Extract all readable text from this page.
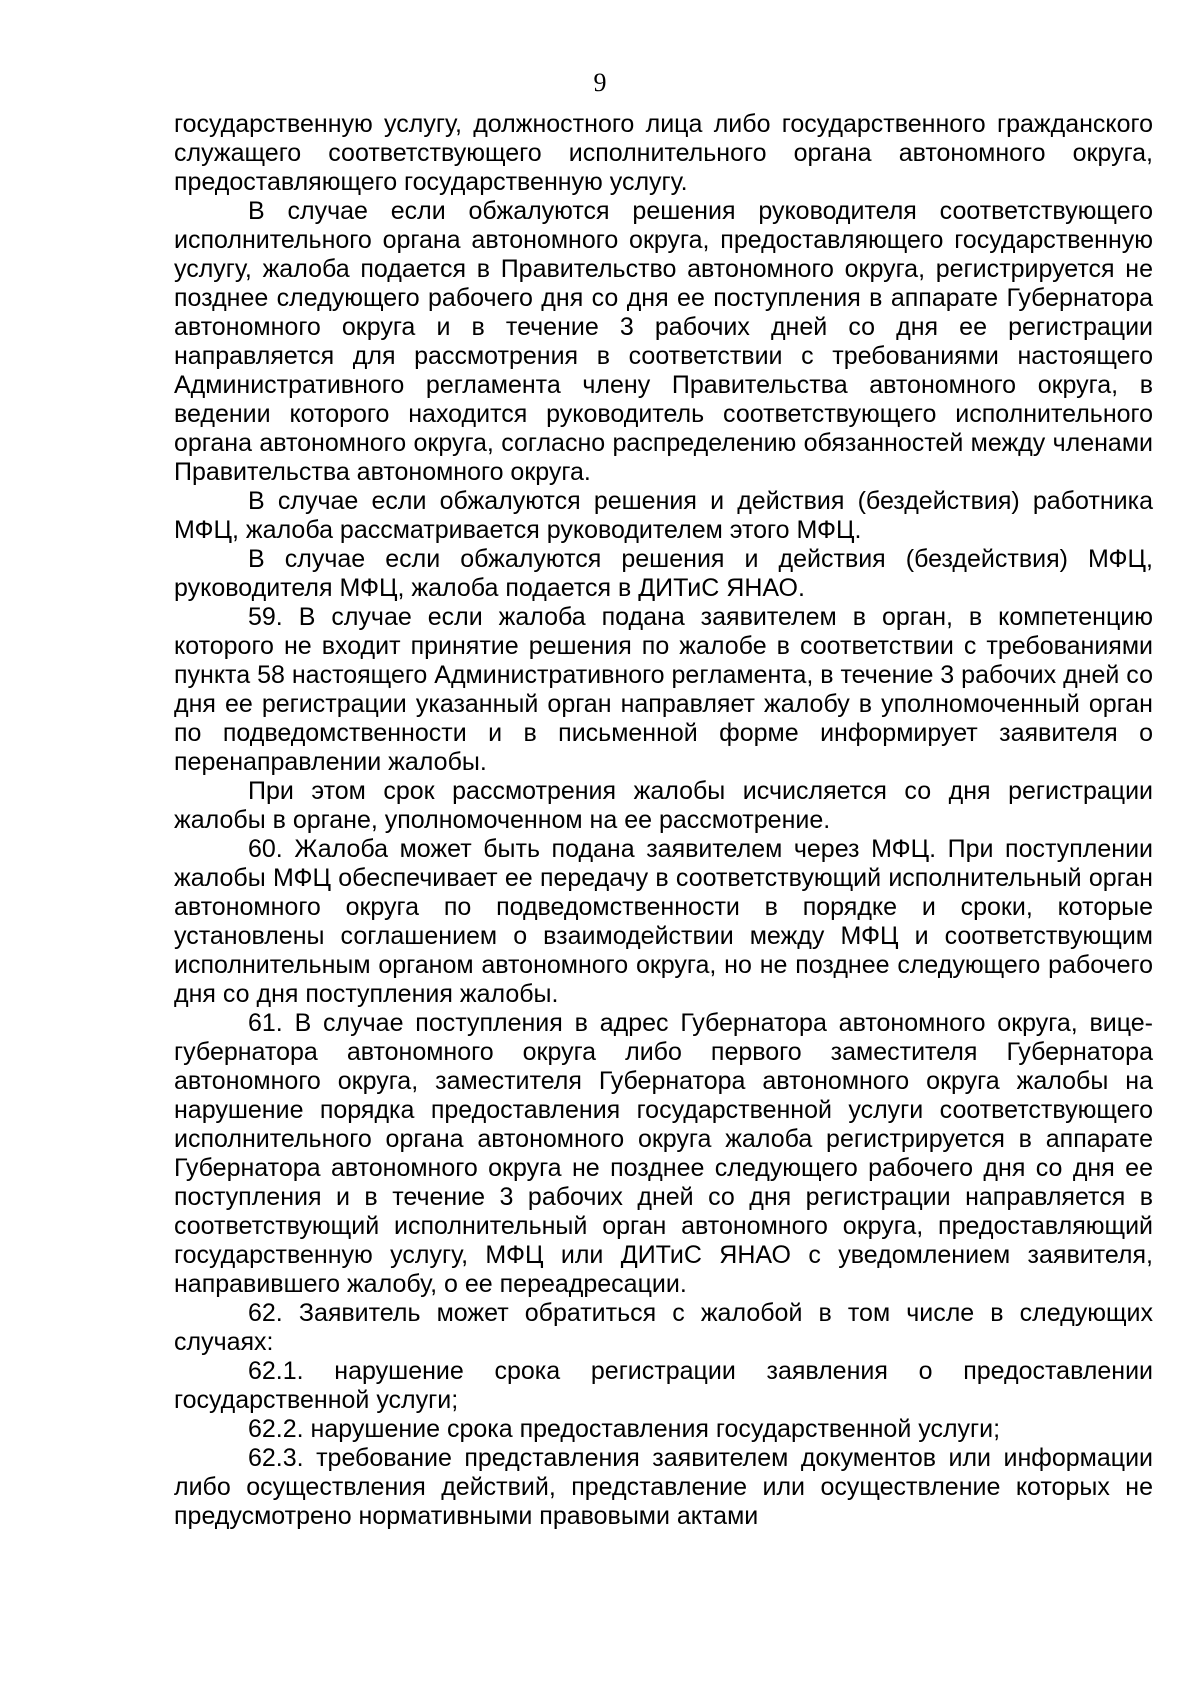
9

государственную услугу, должностного лица либо государственного гражданского служащего соответствующего исполнительного органа автономного округа, предоставляющего государственную услугу.

В случае если обжалуются решения руководителя соответствующего исполнительного органа автономного округа, предоставляющего государственную услугу, жалоба подается в Правительство автономного округа, регистрируется не позднее следующего рабочего дня со дня ее поступления в аппарате Губернатора автономного округа и в течение 3 рабочих дней со дня ее регистрации направляется для рассмотрения в соответствии с требованиями настоящего Административного регламента члену Правительства автономного округа, в ведении которого находится руководитель соответствующего исполнительного органа автономного округа, согласно распределению обязанностей между членами Правительства автономного округа.

В случае если обжалуются решения и действия (бездействия) работника МФЦ, жалоба рассматривается руководителем этого МФЦ.

В случае если обжалуются решения и действия (бездействия) МФЦ, руководителя МФЦ, жалоба подается в ДИТиС ЯНАО.

59. В случае если жалоба подана заявителем в орган, в компетенцию которого не входит принятие решения по жалобе в соответствии с требованиями пункта 58 настоящего Административного регламента, в течение 3 рабочих дней со дня ее регистрации указанный орган направляет жалобу в уполномоченный орган по подведомственности и в письменной форме информирует заявителя о перенаправлении жалобы.

При этом срок рассмотрения жалобы исчисляется со дня регистрации жалобы в органе, уполномоченном на ее рассмотрение.

60. Жалоба может быть подана заявителем через МФЦ. При поступлении жалобы МФЦ обеспечивает ее передачу в соответствующий исполнительный орган автономного округа по подведомственности в порядке и сроки, которые установлены соглашением о взаимодействии между МФЦ и соответствующим исполнительным органом автономного округа, но не позднее следующего рабочего дня со дня поступления жалобы.

61. В случае поступления в адрес Губернатора автономного округа, вице-губернатора автономного округа либо первого заместителя Губернатора автономного округа, заместителя Губернатора автономного округа жалобы на нарушение порядка предоставления государственной услуги соответствующего исполнительного органа автономного округа жалоба регистрируется в аппарате Губернатора автономного округа не позднее следующего рабочего дня со дня ее поступления и в течение 3 рабочих дней со дня регистрации направляется в соответствующий исполнительный орган автономного округа, предоставляющий государственную услугу, МФЦ или ДИТиС ЯНАО с уведомлением заявителя, направившего жалобу, о ее переадресации.

62. Заявитель может обратиться с жалобой в том числе в следующих случаях:

62.1. нарушение срока регистрации заявления о предоставлении государственной услуги;

62.2. нарушение срока предоставления государственной услуги;

62.3. требование представления заявителем документов или информации либо осуществления действий, представление или осуществление которых не предусмотрено нормативными правовыми актами
